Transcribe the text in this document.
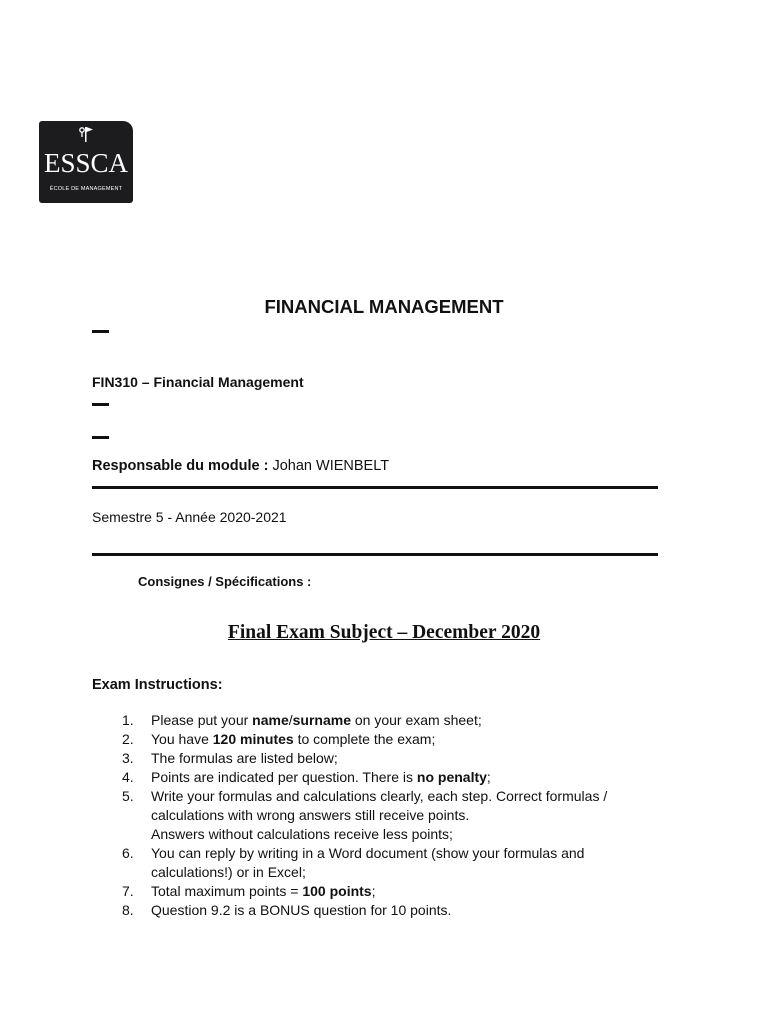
ESSCA
ÉCOLE DE MANAGEMENT
FINANCIAL MANAGEMENT
FIN310 – Financial Management
Responsable du module : Johan WIENBELT
Semestre 5 - Année 2020-2021
Consignes / Spécifications :
Final Exam Subject – December 2020
Exam Instructions:
1.	Please put your name/surname on your exam sheet;
2.	You have 120 minutes to complete the exam;
3.	The formulas are listed below;
4.	Points are indicated per question. There is no penalty;
5.	Write your formulas and calculations clearly, each step. Correct formulas /
calculations with wrong answers still receive points.
Answers without calculations receive less points;
6.	You can reply by writing in a Word document (show your formulas and
calculations!) or in Excel;
7.	Total maximum points = 100 points;
8.	Question 9.2 is a BONUS question for 10 points.
